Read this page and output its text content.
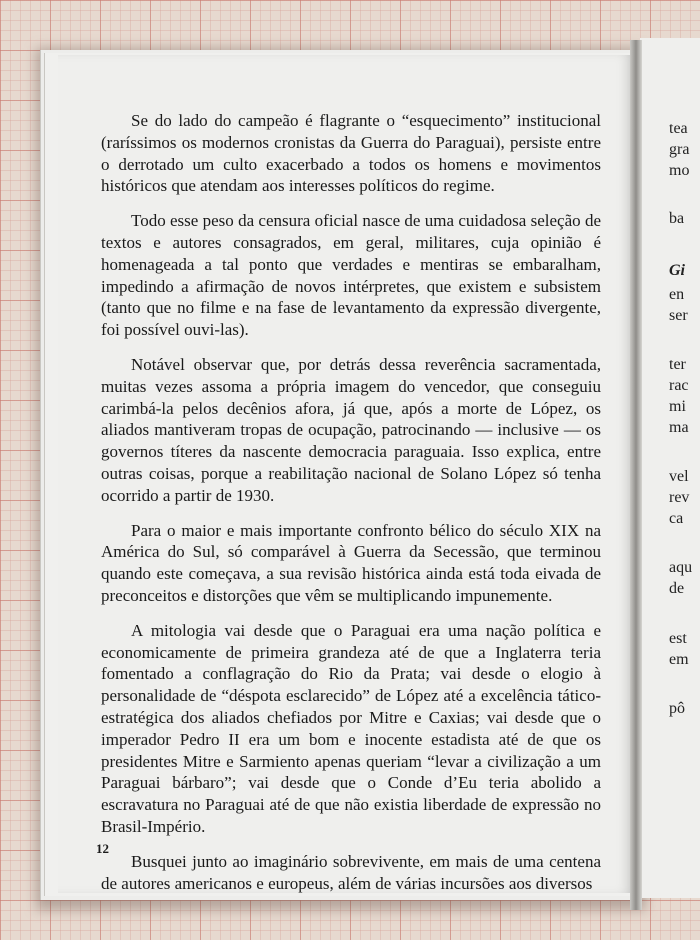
Se do lado do campeão é flagrante o “esquecimento” institucional (raríssimos os modernos cronistas da Guerra do Paraguai), persiste entre o derrotado um culto exacerbado a todos os homens e movimentos históricos que atendam aos interesses políticos do regime.

Todo esse peso da censura oficial nasce de uma cuidadosa seleção de textos e autores consagrados, em geral, militares, cuja opinião é homenageada a tal ponto que verdades e mentiras se embaralham, impedindo a afirmação de novos intérpretes, que existem e subsistem (tanto que no filme e na fase de levantamento da expressão divergente, foi possível ouvi-las).

Notável observar que, por detrás dessa reverência sacramentada, muitas vezes assoma a própria imagem do vencedor, que conseguiu carimbá-la pelos decênios afora, já que, após a morte de López, os aliados mantiveram tropas de ocupação, patrocinando — inclusive — os governos títeres da nascente democracia paraguaia. Isso explica, entre outras coisas, porque a reabilitação nacional de Solano López só tenha ocorrido a partir de 1930.

Para o maior e mais importante confronto bélico do século XIX na América do Sul, só comparável à Guerra da Secessão, que terminou quando este começava, a sua revisão histórica ainda está toda eivada de preconceitos e distorções que vêm se multiplicando impunemente.

A mitologia vai desde que o Paraguai era uma nação política e economicamente de primeira grandeza até de que a Inglaterra teria fomentado a conflagração do Rio da Prata; vai desde o elogio à personalidade de “déspota esclarecido” de López até a excelência tático-estratégica dos aliados chefiados por Mitre e Caxias; vai desde que o imperador Pedro II era um bom e inocente estadista até de que os presidentes Mitre e Sarmiento apenas queriam “levar a civilização a um Paraguai bárbaro”; vai desde que o Conde d’Eu teria abolido a escravatura no Paraguai até de que não existia liberdade de expressão no Brasil-Império.

Busquei junto ao imaginário sobrevivente, em mais de uma centena de autores americanos e europeus, além de várias incursões aos diversos

12
tea
gra
mo
ba
Gi
en
ser
ter
rac
mi
ma
vel
rev
ca
aqu
de
est
em
pô
